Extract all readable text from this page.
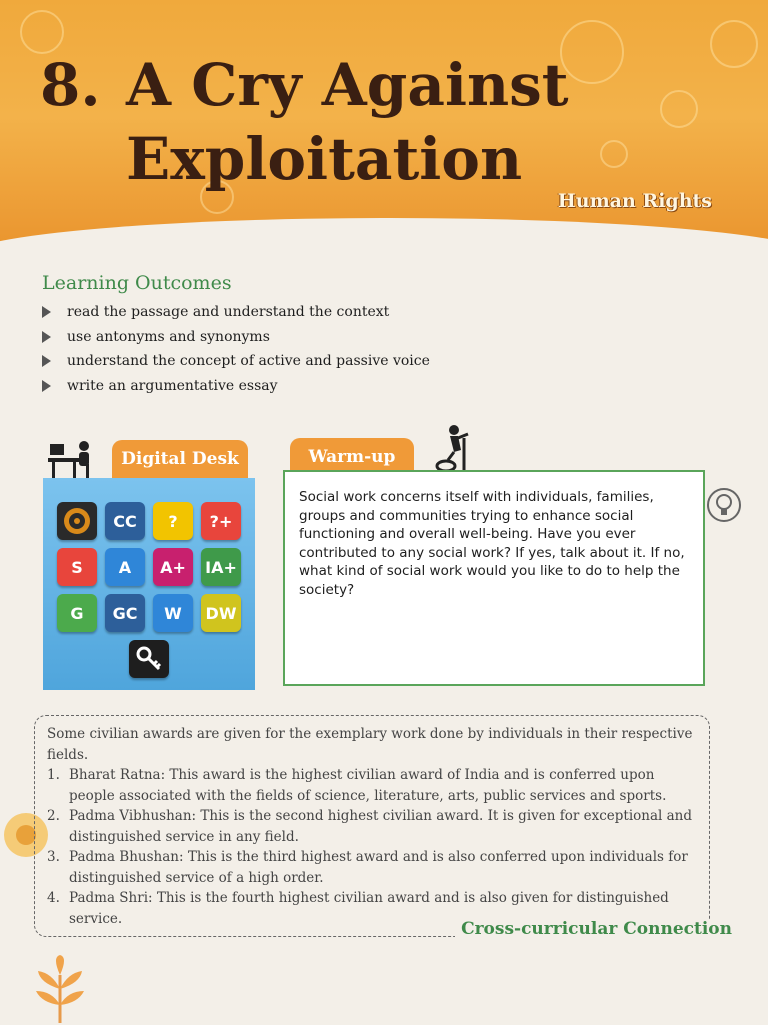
8. A Cry Against
Exploitation
Human Rights
Learning Outcomes
read the passage and understand the context
use antonyms and synonyms
understand the concept of active and passive voice
write an argumentative essay
Digital Desk
CC	?	?+
S	A	A+	IA+
G	GC	W	DW
Warm-up
Social work concerns itself with individuals, families, groups and communities trying to enhance social functioning and overall well-being. Have you ever contributed to any social work? If yes, talk about it. If no, what kind of social work would you like to do to help the society?

Some civilian awards are given for the exemplary work done by individuals in their respective fields.

1. Bharat Ratna: This award is the highest civilian award of India and is conferred upon people associated with the fields of science, literature, arts, public services and sports.
2. Padma Vibhushan: This is the second highest civilian award. It is given for exceptional and distinguished service in any field.
3. Padma Bhushan: This is the third highest award and is also conferred upon individuals for distinguished service of a high order.
4. Padma Shri: This is the fourth highest civilian award and is also given for distinguished service.
Cross-curricular Connection
